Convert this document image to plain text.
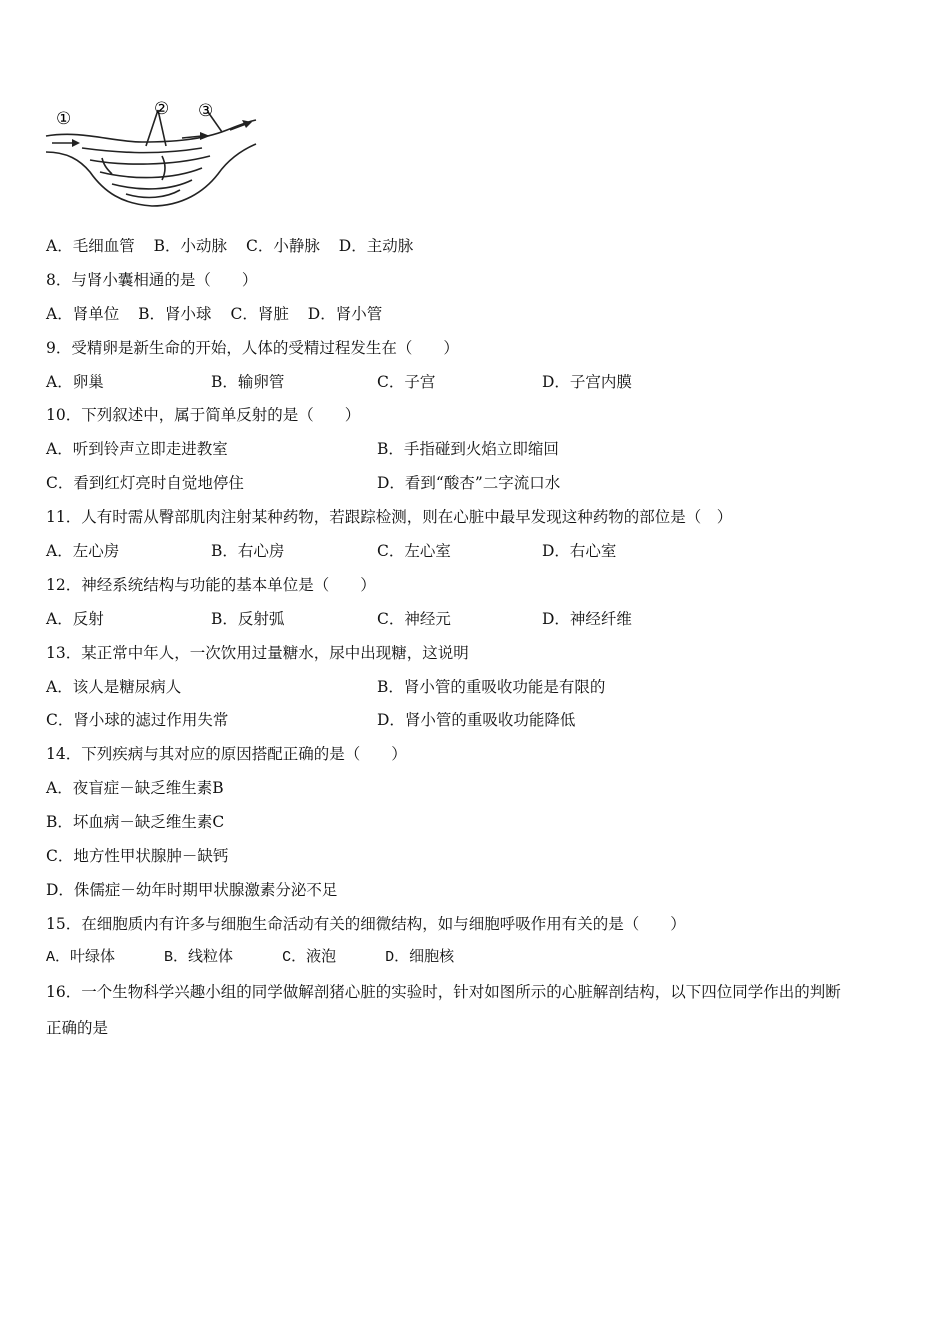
①	② ③
A．毛细血管 B．小动脉 C．小静脉 D．主动脉
8．与肾小囊相通的是（　　）
A．肾单位 B．肾小球 C．肾脏 D．肾小管
9．受精卵是新生命的开始，人体的受精过程发生在（　　）
A．卵巢	B．输卵管	C．子宫	D．子宫内膜
10．下列叙述中，属于简单反射的是（　　）
A．听到铃声立即走进教室	B．手指碰到火焰立即缩回
C．看到红灯亮时自觉地停住	D．看到“酸杏”二字流口水
11．人有时需从臀部肌肉注射某种药物，若跟踪检测，则在心脏中最早发现这种药物的部位是（　）
A．左心房	B．右心房	C．左心室	D．右心室
12．神经系统结构与功能的基本单位是（　　）
A．反射	B．反射弧	C．神经元	D．神经纤维
13．某正常中年人，一次饮用过量糖水，尿中出现糖，这说明
A．该人是糖尿病人	B．肾小管的重吸收功能是有限的
C．肾小球的滤过作用失常	D．肾小管的重吸收功能降低
14．下列疾病与其对应的原因搭配正确的是（　　）
A．夜盲症－缺乏维生素B
B．坏血病－缺乏维生素C
C．地方性甲状腺肿－缺钙
D．侏儒症－幼年时期甲状腺激素分泌不足
15．在细胞质内有许多与细胞生命活动有关的细微结构，如与细胞呼吸作用有关的是（　　）
A．叶绿体	B．线粒体	C．液泡	D．细胞核
16．一个生物科学兴趣小组的同学做解剖猪心脏的实验时，针对如图所示的心脏解剖结构，以下四位同学作出的判断
正确的是
